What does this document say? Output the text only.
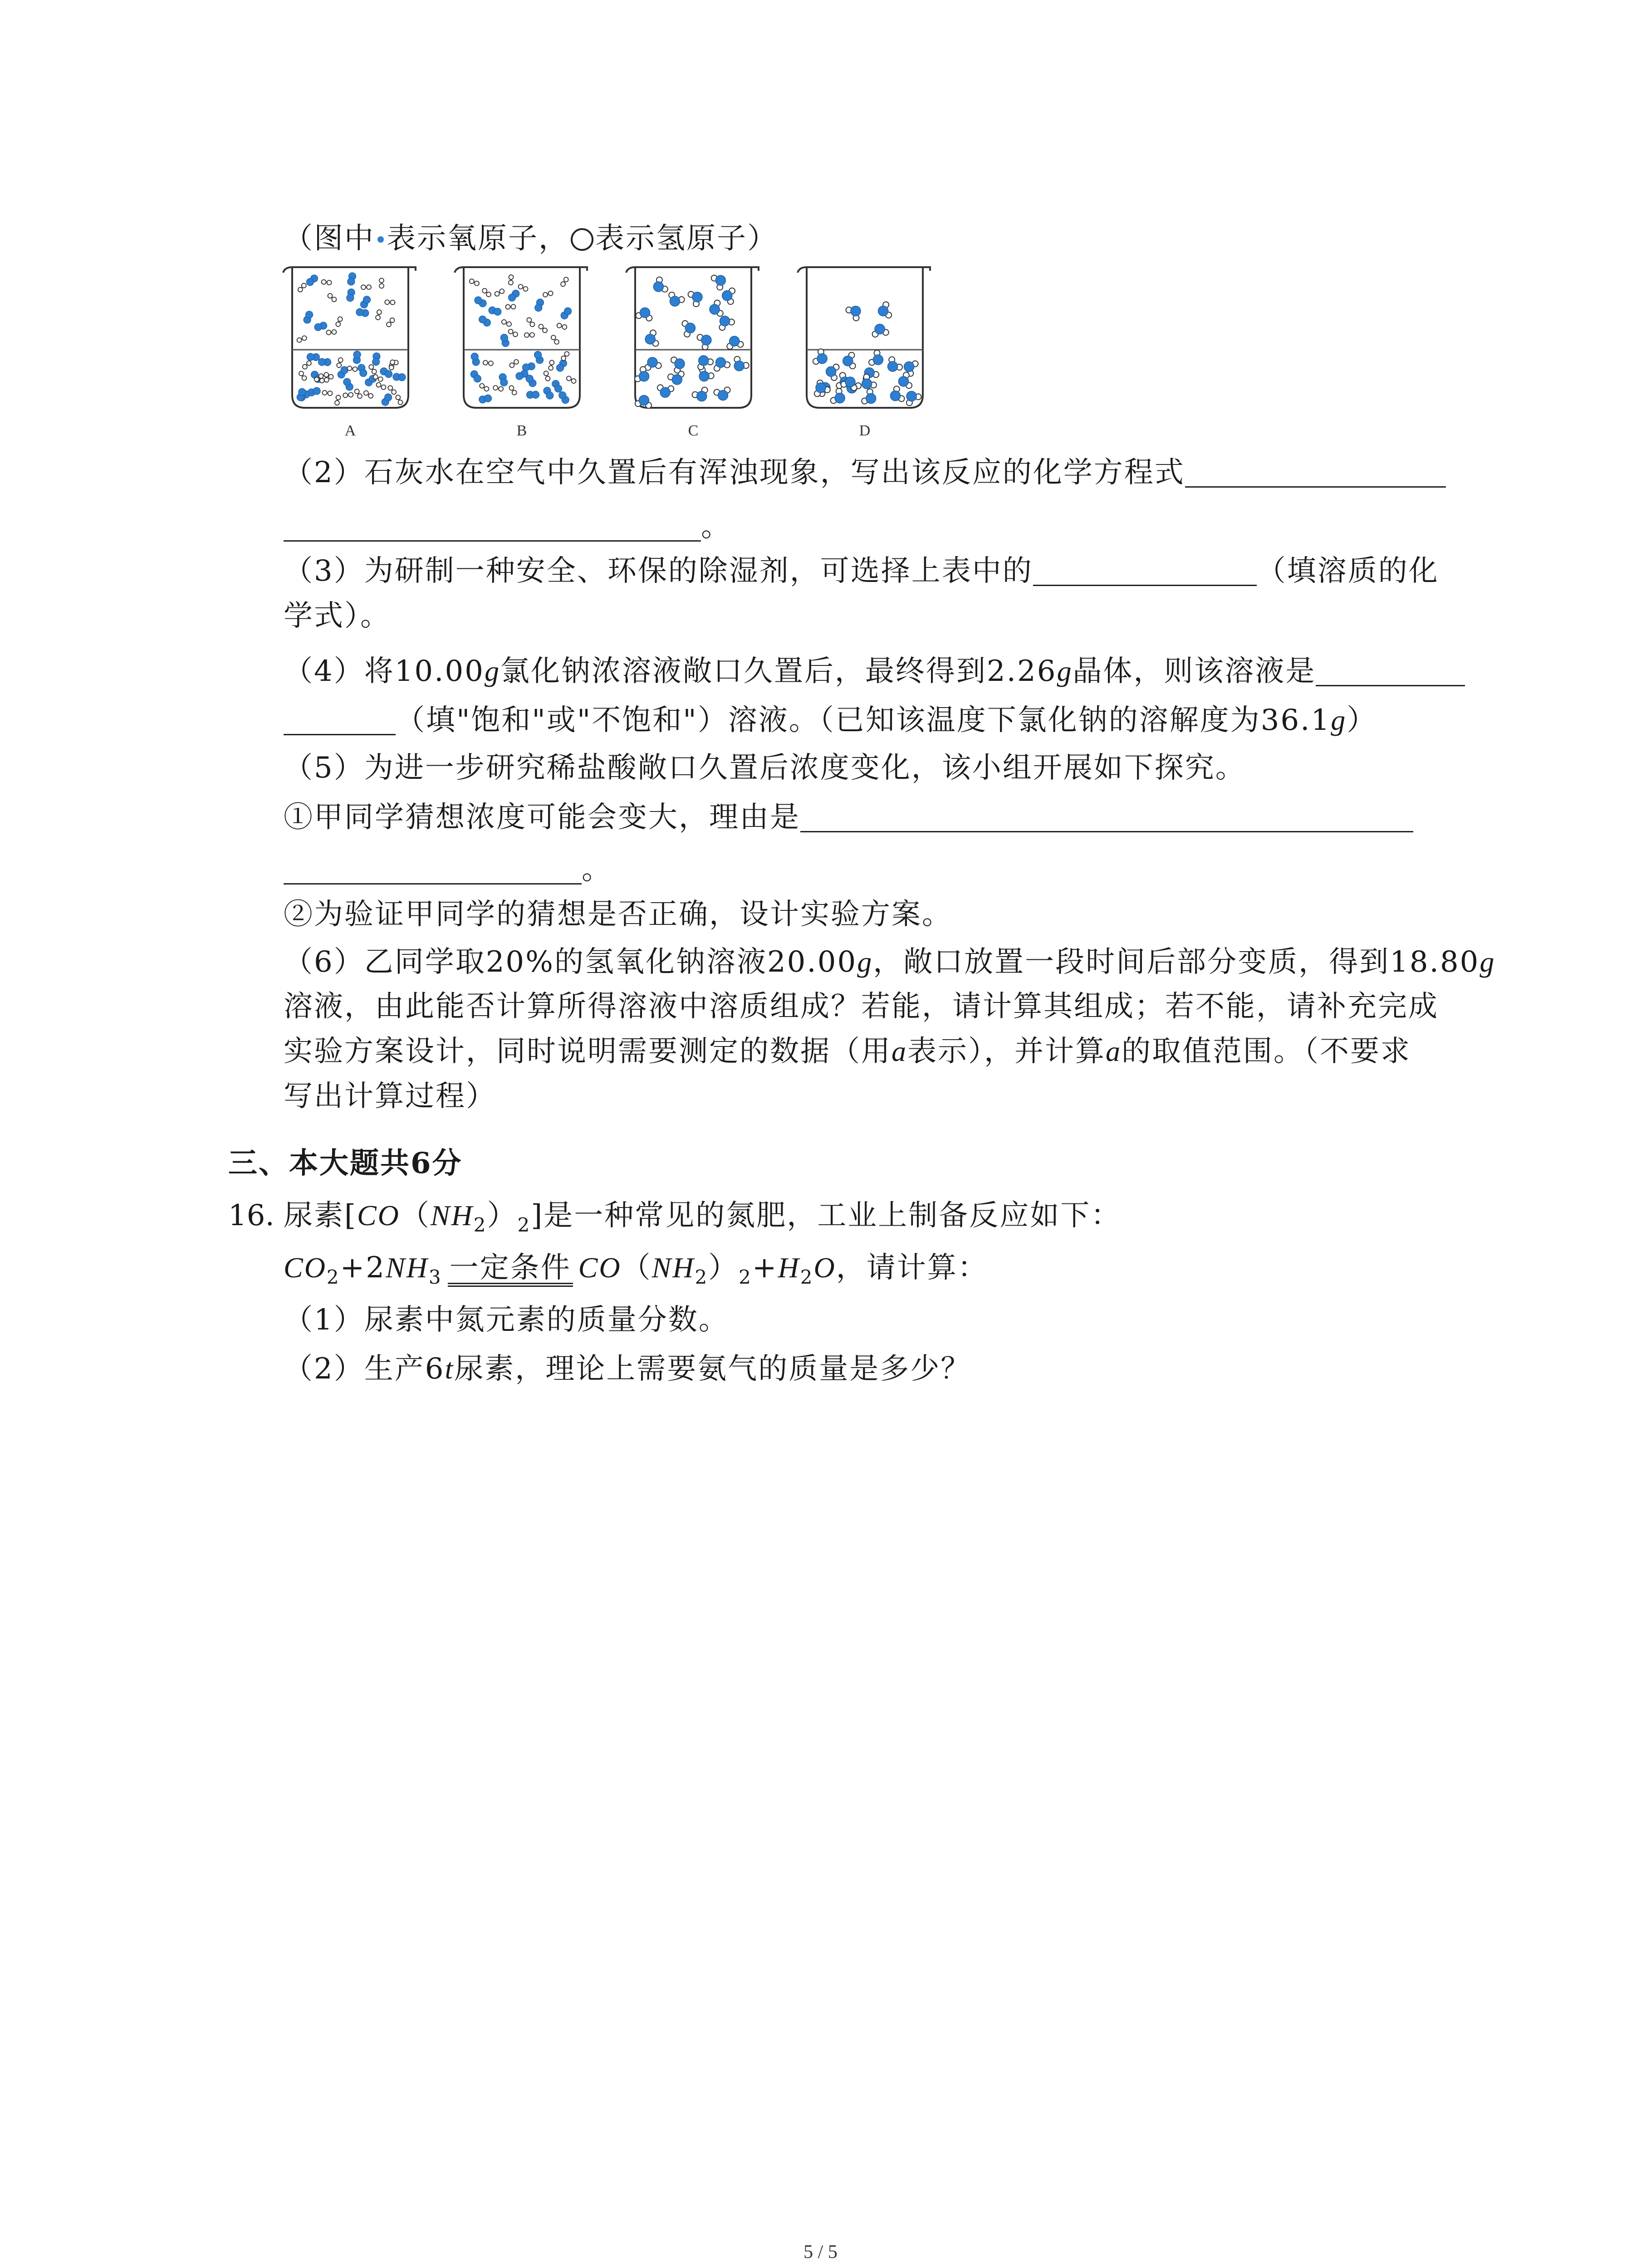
（图中 表示氧原子， 表示氢原子）
A	B	C	D
（2）石灰水在空气中久置后有浑浊现象，写出该反应的化学方程式
。
（3）为研制一种安全、环保的除湿剂，可选择上表中的	（填溶质的化
学式）。
（4）将10.00g氯化钠浓溶液敞口久置后，最终得到2.26g晶体，则该溶液是
（填"饱和"或"不饱和"）溶液。（已知该温度下氯化钠的溶解度为36.1g）
（5）为进一步研究稀盐酸敞口久置后浓度变化，该小组开展如下探究。
①甲同学猜想浓度可能会变大，理由是
。
②为验证甲同学的猜想是否正确，设计实验方案。
（6）乙同学取20%的氢氧化钠溶液20.00g，敞口放置一段时间后部分变质，得到18.80g
溶液，由此能否计算所得溶液中溶质组成？若能，请计算其组成；若不能，请补充完成
实验方案设计，同时说明需要测定的数据（用a表示），并计算a的取值范围。（不要求
写出计算过程）
三、本大题共6分
16. 尿素$[CO(NH_2)_2]$是一种常见的氮肥，工业上制备反应如下：
$CO_2+2NH_3$ 一定条件 $CO(NH_2)_2+H_2O$，请计算：
（1）尿素中氮元素的质量分数。
（2）生产6t尿素，理论上需要氨气的质量是多少？
5 / 5
